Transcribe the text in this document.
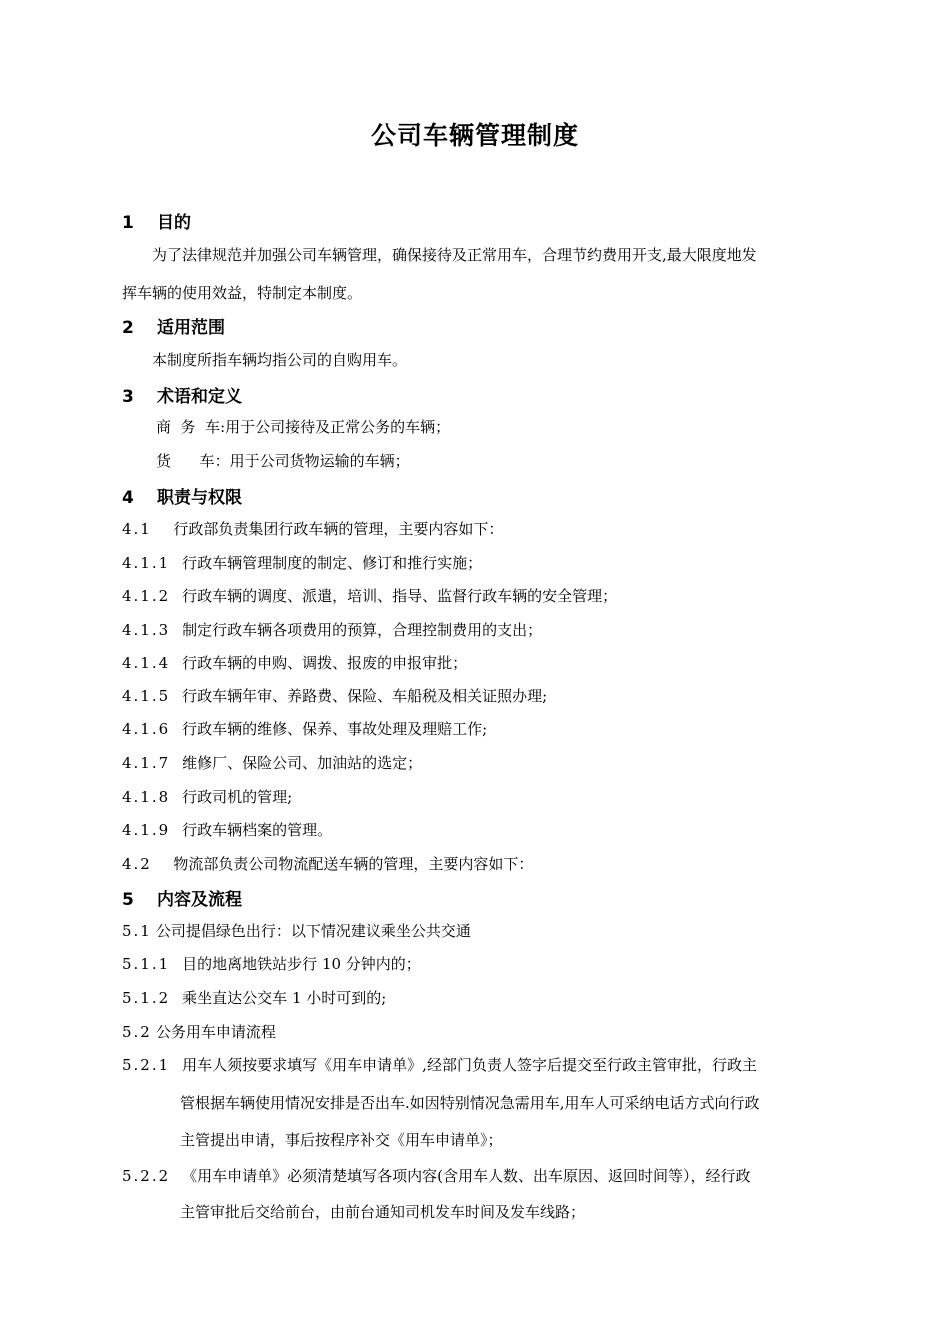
公司车辆管理制度
1 目的
为了法律规范并加强公司车辆管理，确保接待及正常用车，合理节约费用开支,最大限度地发
挥车辆的使用效益，特制定本制度。
2 适用范围
本制度所指车辆均指公司的自购用车。
3 术语和定义
商  务  车:用于公司接待及正常公务的车辆；
货      车：用于公司货物运输的车辆；
4 职责与权限
4.1  行政部负责集团行政车辆的管理，主要内容如下：
4.1.1 行政车辆管理制度的制定、修订和推行实施；
4.1.2 行政车辆的调度、派遣，培训、指导、监督行政车辆的安全管理；
4.1.3 制定行政车辆各项费用的预算，合理控制费用的支出；
4.1.4 行政车辆的申购、调拨、报废的申报审批；
4.1.5 行政车辆年审、养路费、保险、车船税及相关证照办理;
4.1.6 行政车辆的维修、保养、事故处理及理赔工作;
4.1.7 维修厂、保险公司、加油站的选定；
4.1.8 行政司机的管理;
4.1.9 行政车辆档案的管理。
4.2  物流部负责公司物流配送车辆的管理，主要内容如下：
5 内容及流程
5.1 公司提倡绿色出行：以下情况建议乘坐公共交通
5.1.1 目的地离地铁站步行 10 分钟内的；
5.1.2 乘坐直达公交车 1 小时可到的;
5.2 公务用车申请流程
5.2.1 用车人须按要求填写《用车申请单》,经部门负责人签字后提交至行政主管审批，行政主
管根据车辆使用情况安排是否出车.如因特别情况急需用车,用车人可采纳电话方式向行政
主管提出申请，事后按程序补交《用车申请单》；
5.2.2 《用车申请单》必须清楚填写各项内容(含用车人数、出车原因、返回时间等），经行政
主管审批后交给前台，由前台通知司机发车时间及发车线路；
